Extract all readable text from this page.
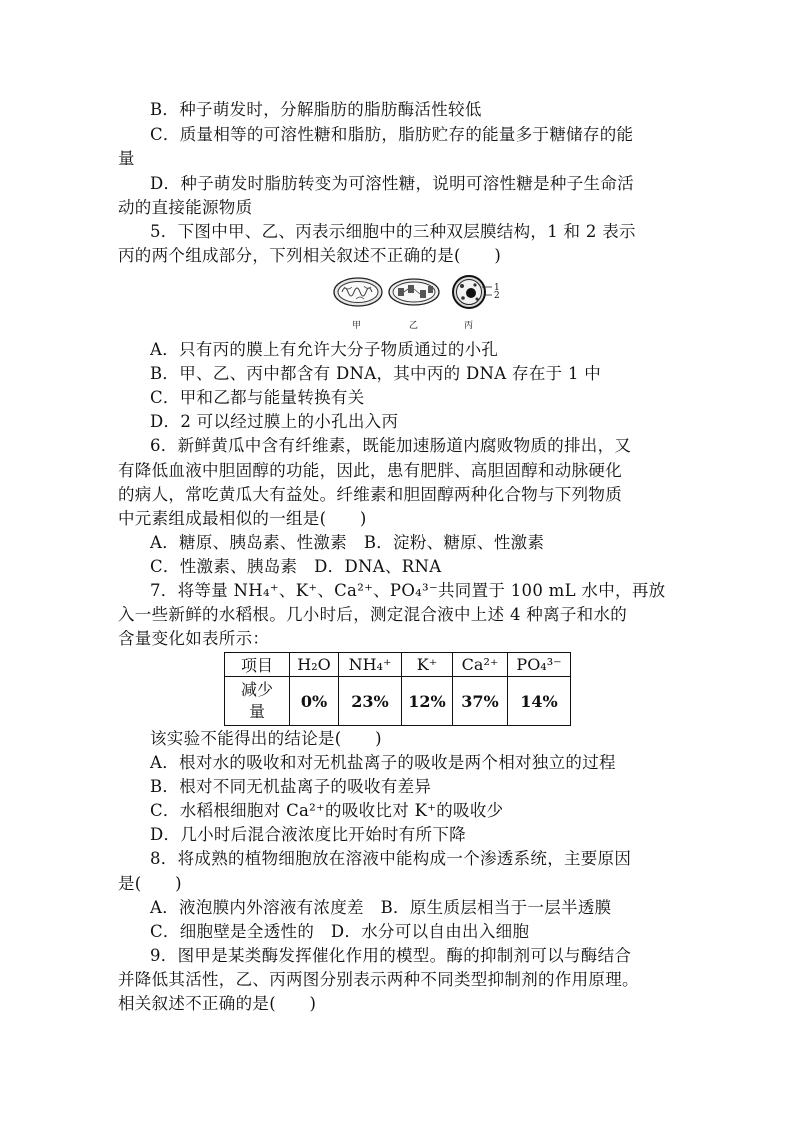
B．种子萌发时，分解脂肪的脂肪酶活性较低
C．质量相等的可溶性糖和脂肪，脂肪贮存的能量多于糖储存的能
量
D．种子萌发时脂肪转变为可溶性糖，说明可溶性糖是种子生命活
动的直接能源物质
5．下图中甲、乙、丙表示细胞中的三种双层膜结构，1 和 2 表示
丙的两个组成部分，下列相关叙述不正确的是(　　)
1
2
甲	乙	丙
A．只有丙的膜上有允许大分子物质通过的小孔
B．甲、乙、丙中都含有 DNA，其中丙的 DNA 存在于 1 中
C．甲和乙都与能量转换有关
D．2 可以经过膜上的小孔出入丙
6．新鲜黄瓜中含有纤维素，既能加速肠道内腐败物质的排出，又
有降低血液中胆固醇的功能，因此，患有肥胖、高胆固醇和动脉硬化
的病人，常吃黄瓜大有益处。纤维素和胆固醇两种化合物与下列物质
中元素组成最相似的一组是(　　)
A．糖原、胰岛素、性激素　B．淀粉、糖原、性激素
C．性激素、胰岛素　D．DNA、RNA
7．将等量 NH₄⁺、K⁺、Ca²⁺、PO₄³⁻共同置于 100 mL 水中，再放
入一些新鲜的水稻根。几小时后，测定混合液中上述 4 种离子和水的
含量变化如表所示：
项目	H₂O	NH₄⁺	K⁺	Ca²⁺	PO₄³⁻

减少
量	0%	23%	12%	37%	14%
该实验不能得出的结论是(　　)
A．根对水的吸收和对无机盐离子的吸收是两个相对独立的过程
B．根对不同无机盐离子的吸收有差异
C．水稻根细胞对 Ca²⁺的吸收比对 K⁺的吸收少
D．几小时后混合液浓度比开始时有所下降
8．将成熟的植物细胞放在溶液中能构成一个渗透系统，主要原因
是(　　)
A．液泡膜内外溶液有浓度差　B．原生质层相当于一层半透膜
C．细胞壁是全透性的　D．水分可以自由出入细胞
9．图甲是某类酶发挥催化作用的模型。酶的抑制剂可以与酶结合
并降低其活性，乙、丙两图分别表示两种不同类型抑制剂的作用原理。
相关叙述不正确的是(　　)
